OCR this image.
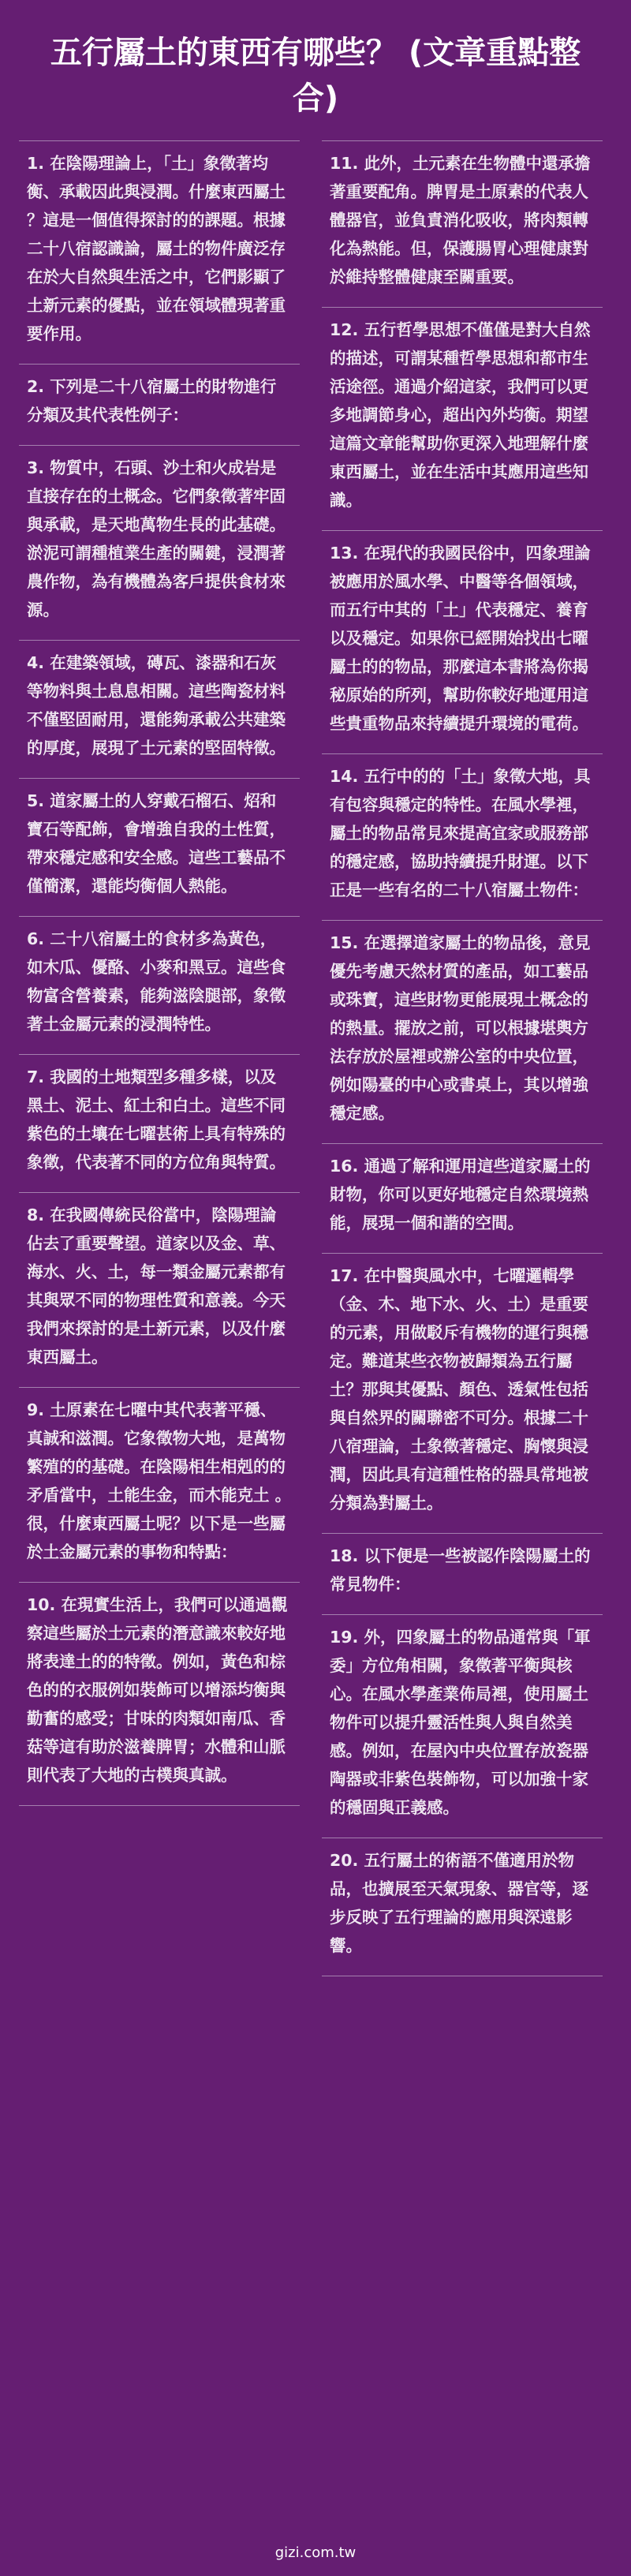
五行屬土的東西有哪些？ (文章重點整合)
1. 在陰陽理論上，「土」象徵著均衡、承載因此與浸潤。什麼東西屬土 ？這是一個值得探討的的課題。根據二十八宿認識論，屬土的物件廣泛存在於大自然與生活之中，它們影顯了土新元素的優點，並在領域體現著重要作用。
2. 下列是二十八宿屬土的財物進行分類及其代表性例子：
3. 物質中，石頭、沙土和火成岩是直接存在的土概念。它們象徵著牢固與承載，是天地萬物生長的此基礎。淤泥可謂種植業生產的關鍵，浸潤著農作物，為有機體為客戶提供食材來源。
4. 在建築領域，磚瓦、漆器和石灰等物料與土息息相關。這些陶瓷材料不僅堅固耐用，還能夠承載公共建築的厚度，展現了土元素的堅固特徵。
5. 道家屬土的人穿戴石榴石、炤和寶石等配飾，會增強自我的土性質，帶來穩定感和安全感。這些工藝品不僅簡潔，還能均衡個人熱能。
6. 二十八宿屬土的食材多為黃色，如木瓜、優酪、小麥和黑豆。這些食物富含營養素，能夠滋陰腿部，象徵著土金屬元素的浸潤特性。
7. 我國的土地類型多種多樣，以及黑土、泥土、紅土和白土。這些不同紫色的土壤在七曜甚術上具有特殊的象徵，代表著不同的方位角與特質。
8. 在我國傳統民俗當中，陰陽理論佔去了重要聲望。道家以及金、草、海水、火、土，每一類金屬元素都有其與眾不同的物理性質和意義。今天我們來探討的是土新元素，以及什麼東西屬土。
9. 土原素在七曜中其代表著平穩、真誠和滋潤。它象徵物大地，是萬物繁殖的的基礎。在陰陽相生相剋的的矛盾當中，土能生金，而木能克土 。很，什麼東西屬土呢？以下是一些屬於土金屬元素的事物和特點：
10. 在現實生活上，我們可以通過觀察這些屬於土元素的潛意識來較好地將表達土的的特徵。例如，黃色和棕色的的衣服例如裝飾可以增添均衡與勤奮的感受；甘味的肉類如南瓜、香菇等這有助於滋養脾胃；水體和山脈則代表了大地的古樸與真誠。
11. 此外，土元素在生物體中還承擔著重要配角。脾胃是土原素的代表人體器官，並負責消化吸收，將肉類轉化為熱能。但，保護腸胃心理健康對於維持整體健康至關重要。
12. 五行哲學思想不僅僅是對大自然的描述，可謂某種哲學思想和都市生活途徑。通過介紹這家，我們可以更多地調節身心，超出內外均衡。期望這篇文章能幫助你更深入地理解什麼東西屬土，並在生活中其應用這些知識。
13. 在現代的我國民俗中，四象理論被應用於風水學、中醫等各個領域，而五行中其的「土」代表穩定、養育以及穩定。如果你已經開始找出七曜屬土的的物品，那麼這本書將為你揭秘原始的所列，幫助你較好地運用這些貴重物品來持續提升環境的電荷。
14. 五行中的的「土」象徵大地，具有包容與穩定的特性。在風水學裡，屬土的物品常見來提高宜家或服務部的穩定感，協助持續提升財運。以下正是一些有名的二十八宿屬土物件：
15. 在選擇道家屬土的物品後，意見優先考慮天然材質的產品，如工藝品或珠寶，這些財物更能展現土概念的的熱量。擺放之前，可以根據堪輿方法存放於屋裡或辦公室的中央位置，例如陽臺的中心或書桌上，其以增強穩定感。
16. 通過了解和運用這些道家屬土的財物，你可以更好地穩定自然環境熱能，展現一個和諧的空間。
17. 在中醫與風水中，七曜邏輯學（金、木、地下水、火、土）是重要的元素，用做駁斥有機物的運行與穩定。難道某些衣物被歸類為五行屬土？那與其優點、顏色、透氣性包括與自然界的關聯密不可分。根據二十八宿理論，土象徵著穩定、胸懷與浸潤，因此具有這種性格的器具常地被分類為對屬土。
18. 以下便是一些被認作陰陽屬土的常見物件：
19. 外，四象屬土的物品通常與「軍委」方位角相關，象徵著平衡與核心。在風水學產業佈局裡，使用屬土物件可以提升靈活性與人與自然美感。例如，在屋內中央位置存放瓷器陶器或非紫色裝飾物，可以加強十家的穩固與正義感。
20. 五行屬土的術語不僅適用於物品，也擴展至天氣現象、器官等，逐步反映了五行理論的應用與深遠影響。
gizi.com.tw
